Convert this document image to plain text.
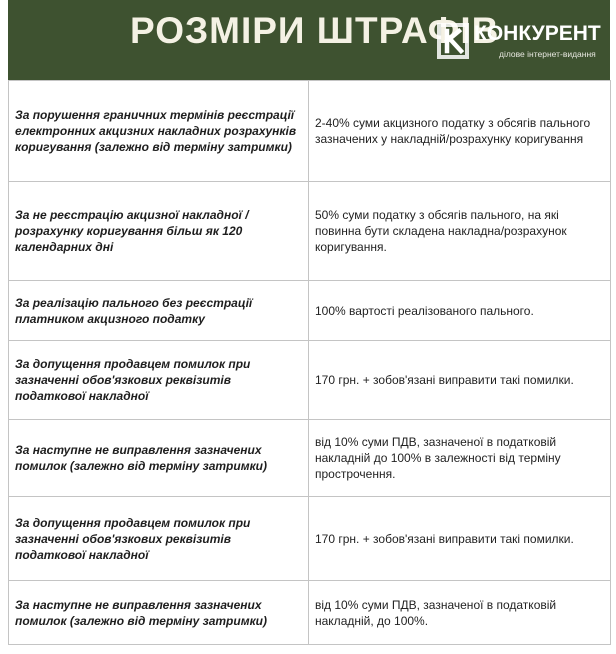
РОЗМІРИ ШТРАФІВ
КОНКУРЕНТ
ділове інтернет-видання
За порушення граничних термінів реєстрації електронних акцизних накладних розрахунків коригування (залежно від терміну затримки)	2-40% суми акцизного податку з обсягів пального зазначених у накладній/розрахунку коригування
За не реєстрацію акцизної накладної / розрахунку коригування більш як 120 календарних дні	50% суми податку з обсягів пального, на які повинна бути складена накладна/розрахунок коригування.
За реалізацію пального без реєстрації платником акцизного податку	100% вартості реалізованого пального.
За допущення продавцем помилок при зазначенні обов'язкових реквізитів податкової накладної	170 грн. + зобов'язані виправити такі помилки.
За наступне не виправлення зазначених помилок (залежно від терміну затримки)	від 10% суми ПДВ, зазначеної в податковій накладній до 100% в залежності від терміну прострочення.
За допущення продавцем помилок при зазначенні обов'язкових реквізитів податкової накладної	170 грн. + зобов'язані виправити такі помилки.
За наступне не виправлення зазначених помилок (залежно від терміну затримки)	від 10% суми ПДВ, зазначеної в податковій накладній, до 100%.
